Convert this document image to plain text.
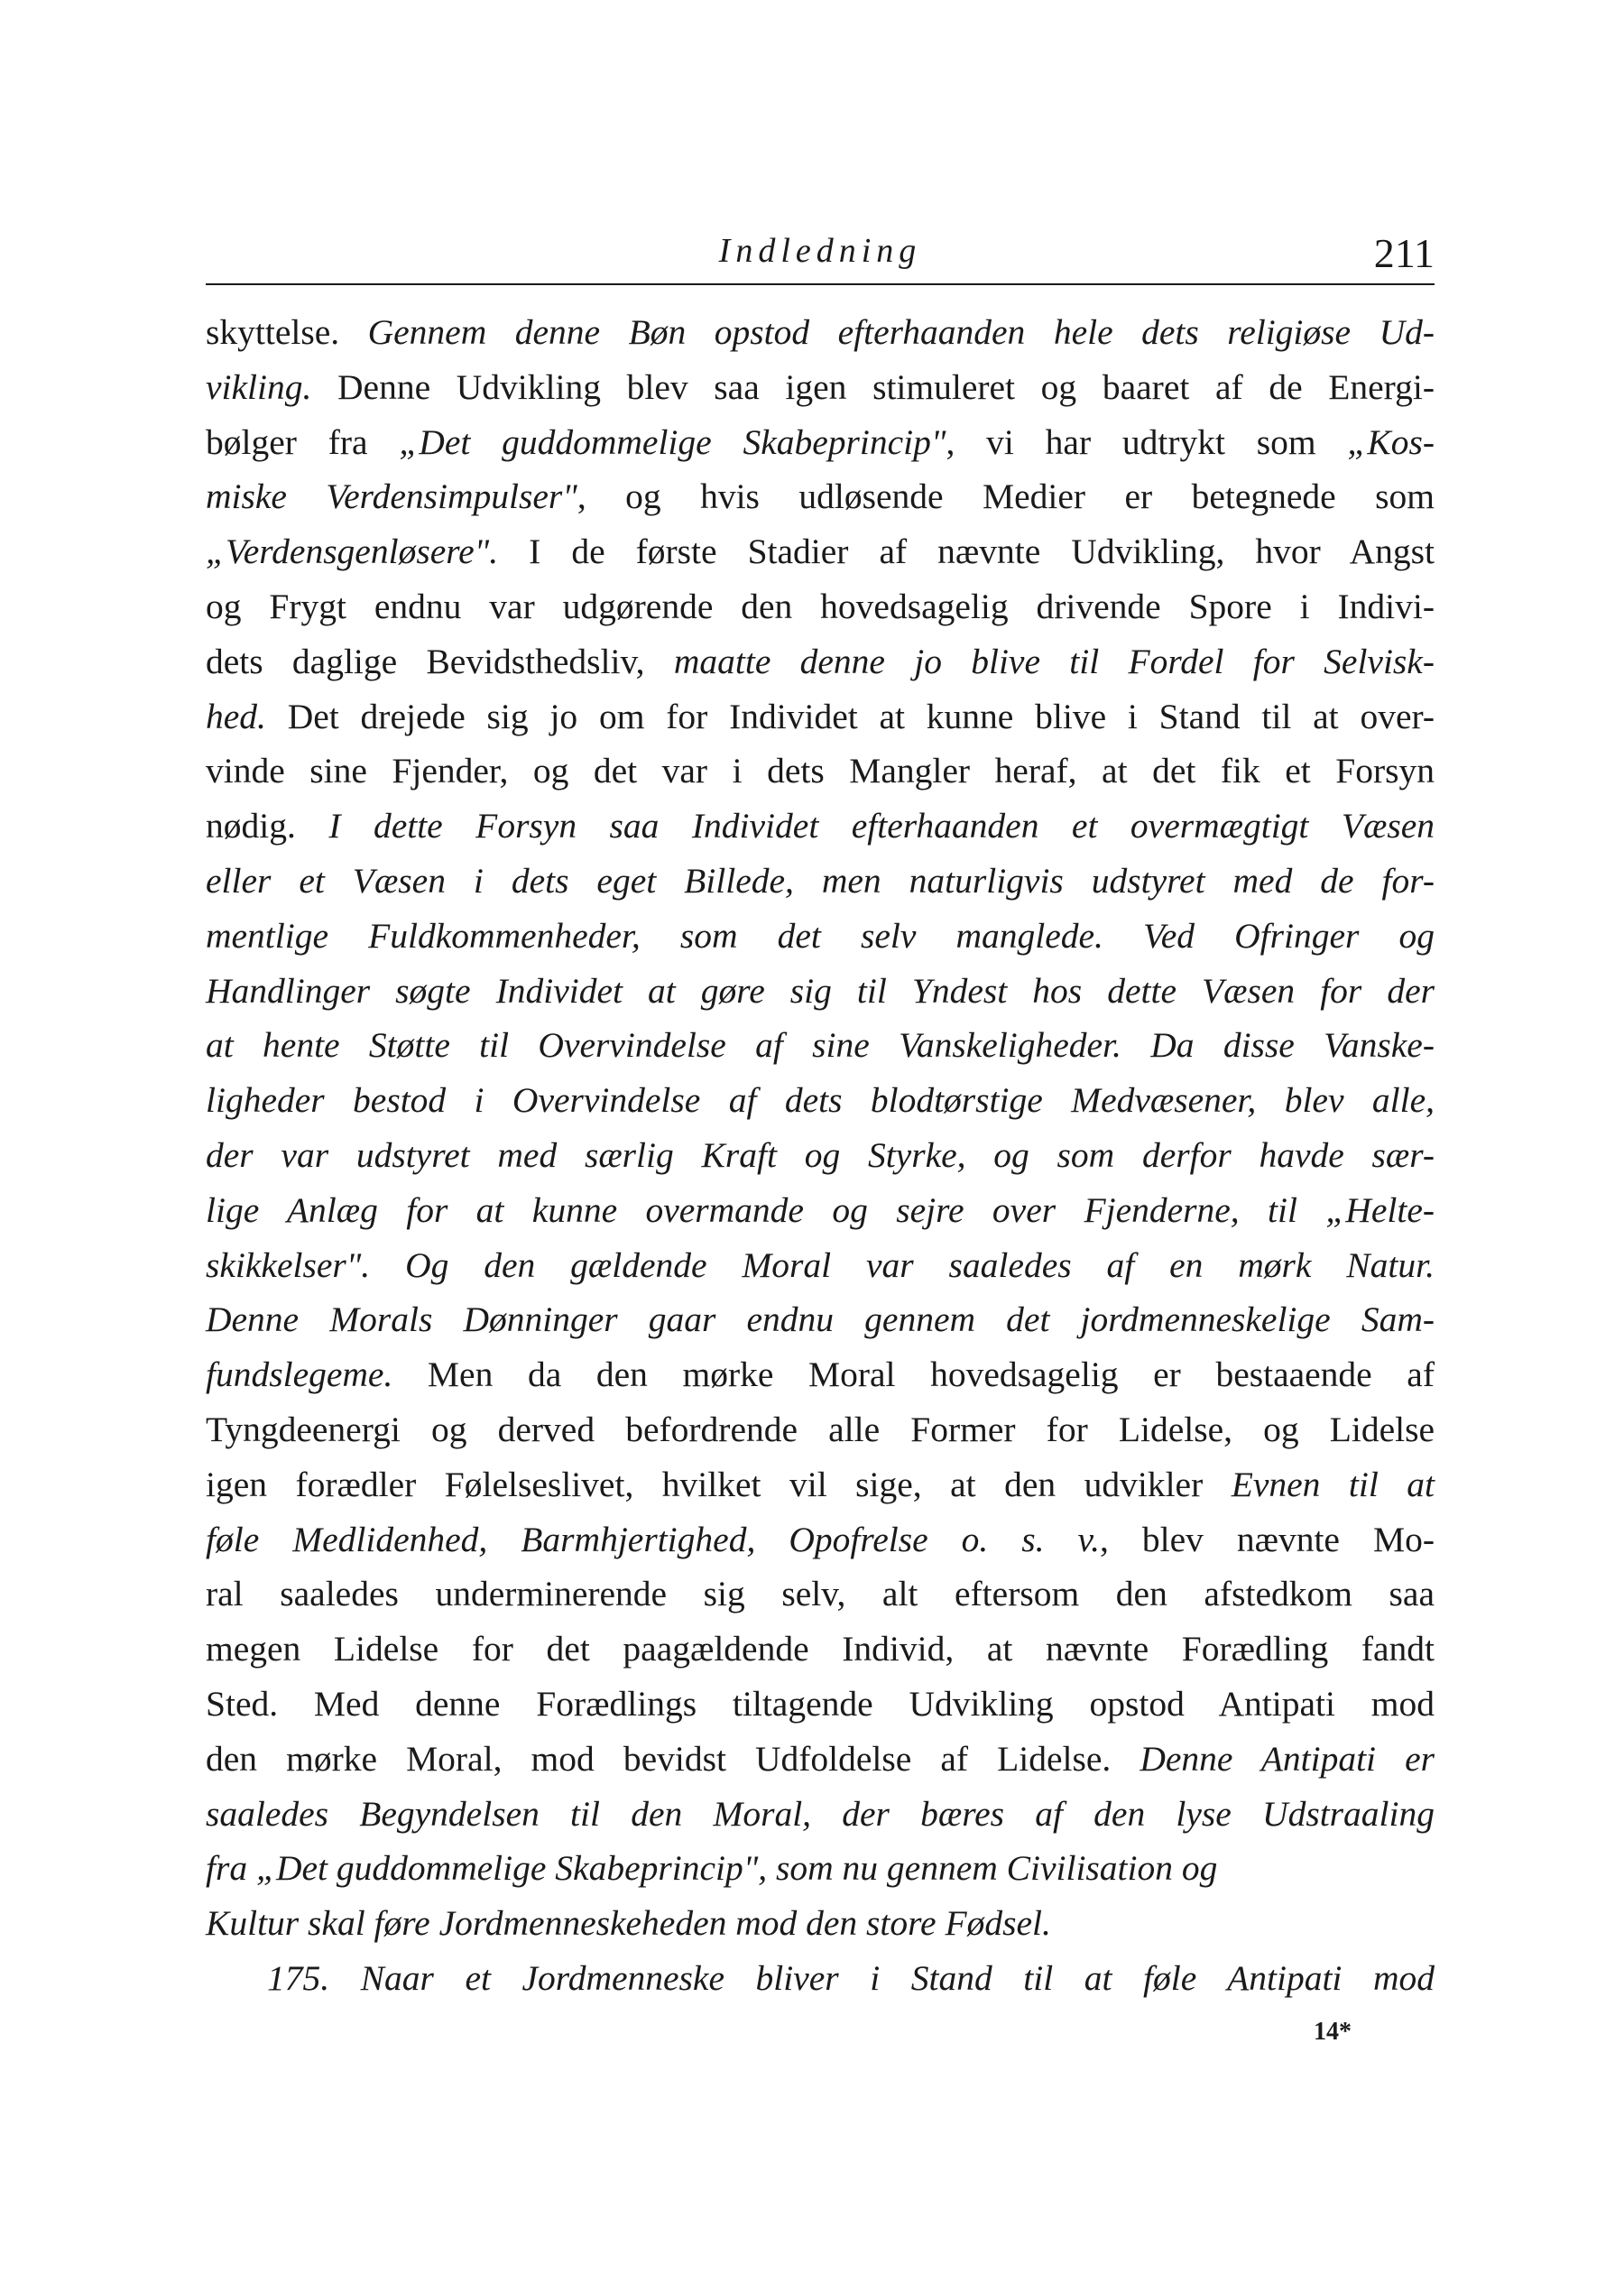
Indledning	211
skyttelse. Gennem denne Bøn opstod efterhaanden hele dets religiøse Ud-
vikling. Denne Udvikling blev saa igen stimuleret og baaret af de Energi-
bølger fra „Det guddommelige Skabeprincip", vi har udtrykt som „Kos-
miske Verdensimpulser", og hvis udløsende Medier er betegnede som
„Verdensgenløsere". I de første Stadier af nævnte Udvikling, hvor Angst
og Frygt endnu var udgørende den hovedsagelig drivende Spore i Indivi-
dets daglige Bevidsthedsliv, maatte denne jo blive til Fordel for Selvisk-
hed. Det drejede sig jo om for Individet at kunne blive i Stand til at over-
vinde sine Fjender, og det var i dets Mangler heraf, at det fik et Forsyn
nødig. I dette Forsyn saa Individet efterhaanden et overmægtigt Væsen
eller et Væsen i dets eget Billede, men naturligvis udstyret med de for-
mentlige Fuldkommenheder, som det selv manglede. Ved Ofringer og
Handlinger søgte Individet at gøre sig til Yndest hos dette Væsen for der
at hente Støtte til Overvindelse af sine Vanskeligheder. Da disse Vanske-
ligheder bestod i Overvindelse af dets blodtørstige Medvæsener, blev alle,
der var udstyret med særlig Kraft og Styrke, og som derfor havde sær-
lige Anlæg for at kunne overmande og sejre over Fjenderne, til „Helte-
skikkelser". Og den gældende Moral var saaledes af en mørk Natur.
Denne Morals Dønninger gaar endnu gennem det jordmenneskelige Sam-
fundslegeme. Men da den mørke Moral hovedsagelig er bestaaende af
Tyngdeenergi og derved befordrende alle Former for Lidelse, og Lidelse
igen forædler Følelseslivet, hvilket vil sige, at den udvikler Evnen til at
føle Medlidenhed, Barmhjertighed, Opofrelse o. s. v., blev nævnte Mo-
ral saaledes underminerende sig selv, alt eftersom den afstedkom saa
megen Lidelse for det paagældende Individ, at nævnte Forædling fandt
Sted. Med denne Forædlings tiltagende Udvikling opstod Antipati mod
den mørke Moral, mod bevidst Udfoldelse af Lidelse. Denne Antipati er
saaledes Begyndelsen til den Moral, der bæres af den lyse Udstraaling
fra „Det guddommelige Skabeprincip", som nu gennem Civilisation og
Kultur skal føre Jordmenneskeheden mod den store Fødsel.
175. Naar et Jordmenneske bliver i Stand til at føle Antipati mod
14*
